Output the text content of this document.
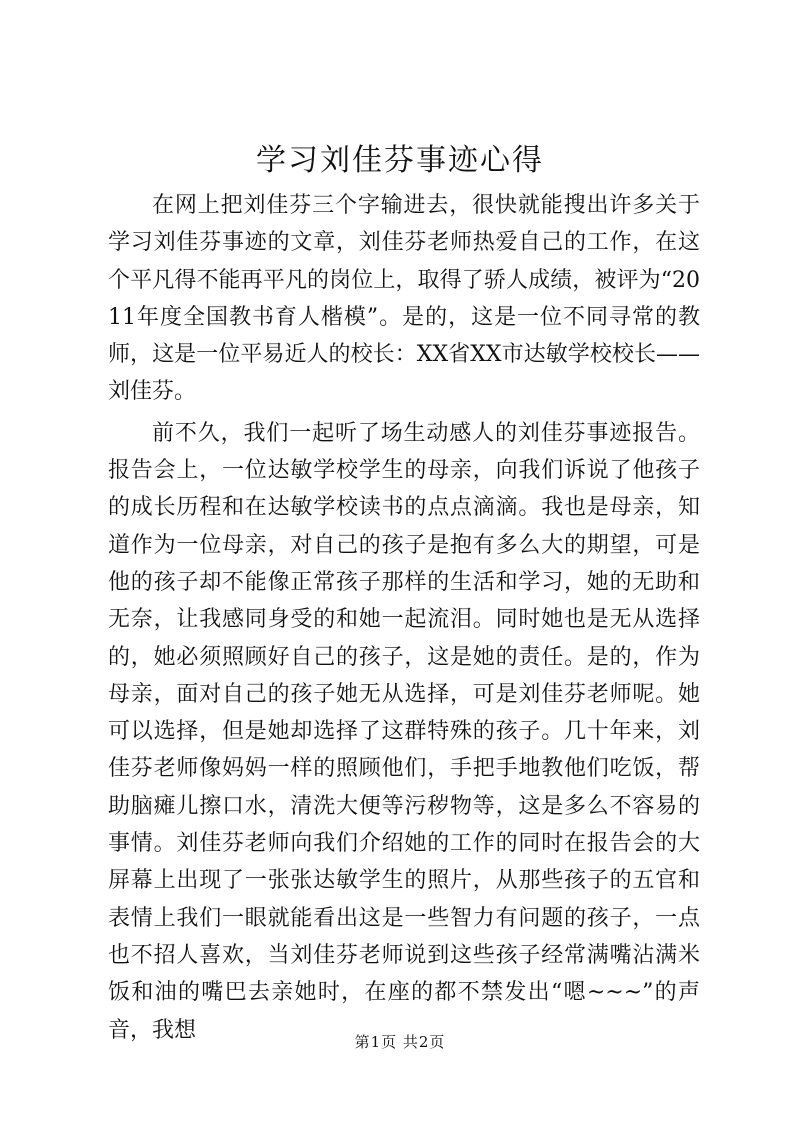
学习刘佳芬事迹心得

在网上把刘佳芬三个字输进去，很快就能搜出许多关于学习刘佳芬事迹的文章，刘佳芬老师热爱自己的工作，在这个平凡得不能再平凡的岗位上，取得了骄人成绩，被评为“2011年度全国教书育人楷模”。是的，这是一位不同寻常的教师，这是一位平易近人的校长：XX省XX市达敏学校校长——刘佳芬。

前不久，我们一起听了场生动感人的刘佳芬事迹报告。报告会上，一位达敏学校学生的母亲，向我们诉说了他孩子的成长历程和在达敏学校读书的点点滴滴。我也是母亲，知道作为一位母亲，对自己的孩子是抱有多么大的期望，可是他的孩子却不能像正常孩子那样的生活和学习，她的无助和无奈，让我感同身受的和她一起流泪。同时她也是无从选择的，她必须照顾好自己的孩子，这是她的责任。是的，作为母亲，面对自己的孩子她无从选择，可是刘佳芬老师呢。她可以选择，但是她却选择了这群特殊的孩子。几十年来，刘佳芬老师像妈妈一样的照顾他们，手把手地教他们吃饭，帮助脑瘫儿擦口水，清洗大便等污秽物等，这是多么不容易的事情。刘佳芬老师向我们介绍她的工作的同时在报告会的大屏幕上出现了一张张达敏学生的照片，从那些孩子的五官和表情上我们一眼就能看出这是一些智力有问题的孩子，一点也不招人喜欢，当刘佳芬老师说到这些孩子经常满嘴沾满米饭和油的嘴巴去亲她时，在座的都不禁发出“嗯~~~”的声音，我想	第1页 共2页
